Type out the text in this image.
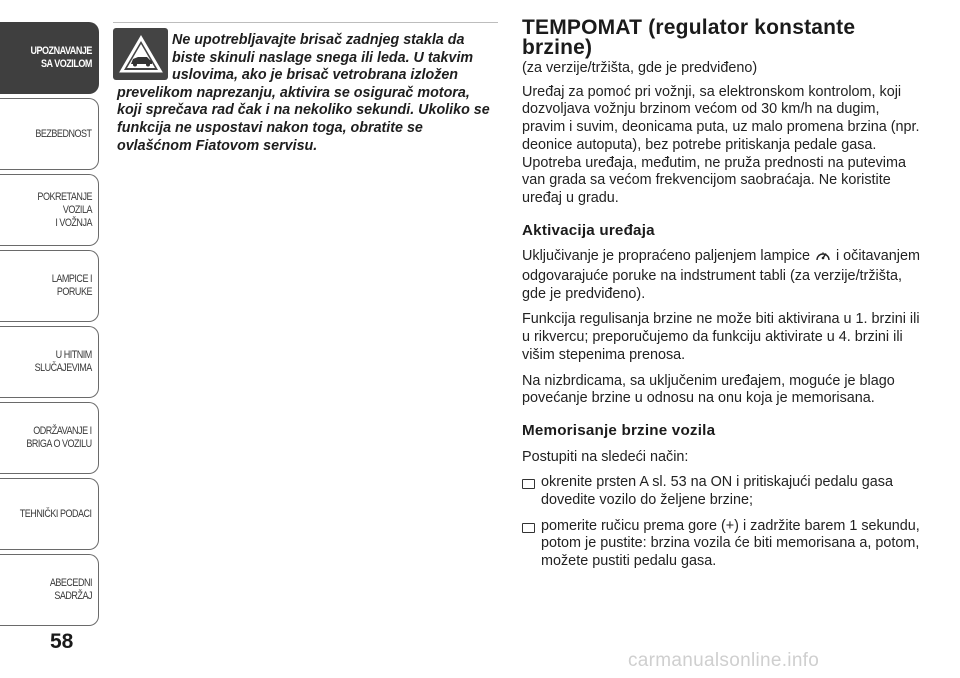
UPOZNAVANJE
SA VOZILOM
BEZBEDNOST
POKRETANJE VOZILA
I VOŽNJA
LAMPICE I PORUKE
U HITNIM
SLUČAJEVIMA
ODRŽAVANJE I
BRIGA O VOZILU
TEHNIČKI PODACI
ABECEDNI SADRŽAJ
58

Ne upotrebljavajte brisač zadnjeg stakla da biste skinuli naslage snega ili leda. U takvim uslovima, ako je brisač vetrobrana izložen prevelikom naprezanju, aktivira se osigurač motora, koji sprečava rad čak i na nekoliko sekundi. Ukoliko se funkcija ne uspostavi nakon toga, obratite se ovlašćnom Fiatovom servisu.

TEMPOMAT (regulator konstante brzine)
(za verzije/tržišta, gde je predviđeno)

Uređaj za pomoć pri vožnji, sa elektronskom kontrolom, koji dozvoljava vožnju brzinom većom od 30 km/h na dugim, pravim i suvim, deonicama puta, uz malo promena brzina (npr. deonice autoputa), bez potrebe pritiskanja pedale gasa. Upotreba uređaja, međutim, ne pruža prednosti na putevima van grada sa većom frekvencijom saobraćaja. Ne koristite uređaj u gradu.

Aktivacija uređaja

Uključivanje je propraćeno paljenjem lampice i očitavanjem odgovarajuće poruke na indstrument tabli (za verzije/tržišta, gde je predviđeno).

Funkcija regulisanja brzine ne može biti aktivirana u 1. brzini ili u rikvercu; preporučujemo da funkciju aktivirate u 4. brzini ili višim stepenima prenosa.

Na nizbrdicama, sa uključenim uređajem, moguće je blago povećanje brzine u odnosu na onu koja je memorisana.

Memorisanje brzine vozila

Postupiti na sledeći način:

okrenite prsten A sl. 53 na ON i pritiskajući pedalu gasa dovedite vozilo do željene brzine;
pomerite ručicu prema gore (+) i zadržite barem 1 sekundu, potom je pustite: brzina vozila će biti memorisana a, potom, možete pustiti pedalu gasa.
carmanualsonline.info
